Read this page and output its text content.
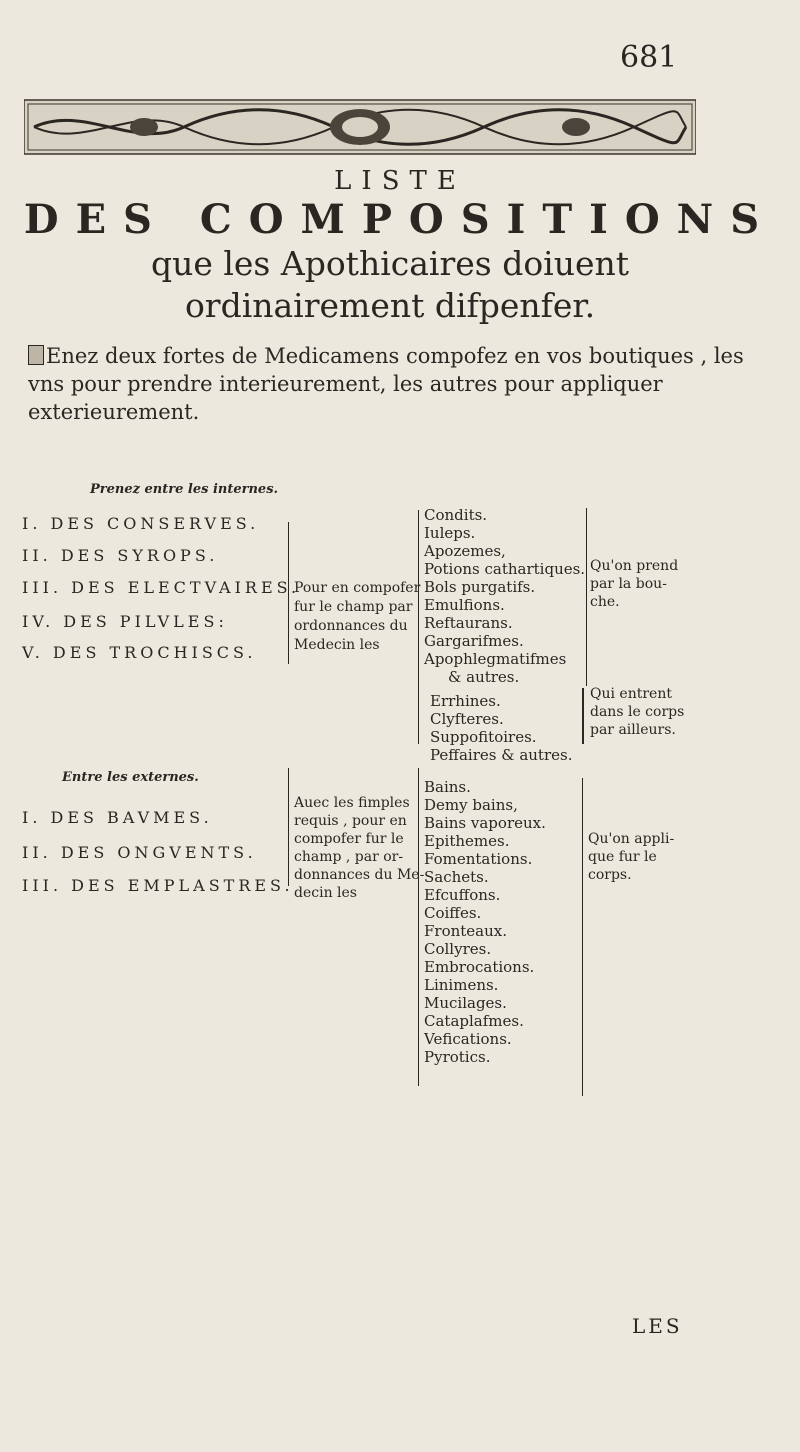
681
LISTE
DES COMPOSITIONS
que les Apothicaires doiuent
ordinairement difpenfer.
Enez deux fortes de Medicamens compofez en vos boutiques , les
vns pour prendre interieurement, les autres pour appliquer exterieurement.
Prenez entre les internes.
I. DES CONSERVES.
II. DES SYROPS.
III. DES ELECTVAIRES.
IV. DES PILVLES:
V. DES TROCHISCS.
Pour en compofer
fur le champ par
ordonnances du
Medecin les
Condits.
Iuleps.
Apozemes,
Potions cathartiques.
Bols purgatifs.
Emulfions.
Reftaurans.
Gargarifmes.
Apophlegmatifmes
& autres.
Qu'on prend
par la bou-
che.
Errhines.
Clyfteres.
Suppofitoires.
Peffaires & autres.
Qui entrent
dans le corps
par ailleurs.
Entre les externes.
I. DES BAVMES.
II. DES ONGVENTS.
III. DES EMPLASTRES.
Auec les fimples
requis , pour en
compofer fur le
champ , par or-
donnances du Me-
decin les
Bains.
Demy bains,
Bains vaporeux.
Epithemes.
Fomentations.
Sachets.
Efcuffons.
Coiffes.
Fronteaux.
Collyres.
Embrocations.
Linimens.
Mucilages.
Cataplafmes.
Vefications.
Pyrotics.
Qu'on appli-
que fur le
corps.
LES
